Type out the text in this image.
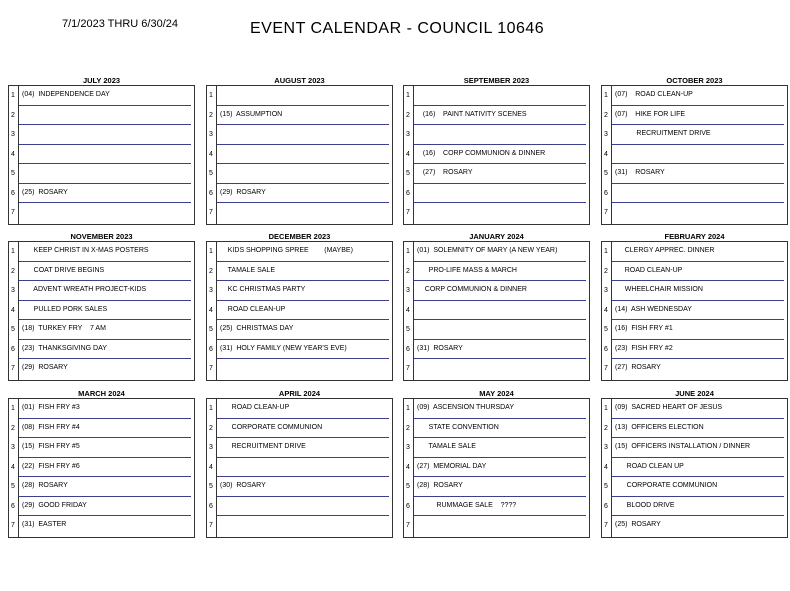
7/1/2023 THRU 6/30/24	EVENT CALENDAR - COUNCIL 10646
JULY 2023
1	(04)  INDEPENDENCE DAY
2
3
4
5
6	(25)  ROSARY
7
AUGUST 2023
1
2	(15)  ASSUMPTION
3
4
5
6	(29)  ROSARY
7
SEPTEMBER 2023
1
2	(16)    PAINT NATIVITY SCENES
3
4	(16)    CORP COMMUNION & DINNER
5	(27)    ROSARY
6
7
OCTOBER 2023
1	(07)    ROAD CLEAN-UP
2	(07)    HIKE FOR LIFE
3	RECRUITMENT DRIVE
4
5	(31)    ROSARY
6
7
NOVEMBER 2023
1	KEEP CHRIST IN X-MAS POSTERS
2	COAT DRIVE BEGINS
3	ADVENT WREATH PROJECT-KIDS
4	PULLED PORK SALES
5	(18)  TURKEY FRY    7 AM
6	(23)  THANKSGIVING DAY
7	(29)  ROSARY
DECEMBER 2023
1	KIDS SHOPPING SPREE        (MAYBE)
2	TAMALE SALE
3	KC CHRISTMAS PARTY
4	ROAD CLEAN-UP
5	(25)  CHRISTMAS DAY
6	(31)  HOLY FAMILY (NEW YEAR'S EVE)
7
JANUARY 2024
1	(01)  SOLEMNITY OF MARY (A NEW YEAR)
2	PRO-LIFE MASS & MARCH
3	CORP COMMUNION & DINNER
4
5
6	(31)  ROSARY
7
FEBRUARY 2024
1	CLERGY APPREC. DINNER
2	ROAD CLEAN-UP
3	WHEELCHAIR MISSION
4	(14)  ASH WEDNESDAY
5	(16)  FISH FRY #1
6	(23)  FISH FRY #2
7	(27)  ROSARY
MARCH 2024
1	(01)  FISH FRY #3
2	(08)  FISH FRY #4
3	(15)  FISH FRY #5
4	(22)  FISH FRY #6
5	(28)  ROSARY
6	(29)  GOOD FRIDAY
7	(31)  EASTER
APRIL 2024
1	ROAD CLEAN-UP
2	CORPORATE COMMUNION
3	RECRUITMENT DRIVE
4
5	(30)  ROSARY
6
7
MAY 2024
1	(09)  ASCENSION THURSDAY
2	STATE CONVENTION
3	TAMALE SALE
4	(27)  MEMORIAL DAY
5	(28)  ROSARY
6	RUMMAGE SALE    ????
7
JUNE 2024
1	(09)  SACRED HEART OF JESUS
2	(13)  OFFICERS ELECTION
3	(15)  OFFICERS INSTALLATION / DINNER
4	ROAD CLEAN UP
5	CORPORATE COMMUNION
6	BLOOD DRIVE
7	(25)  ROSARY
